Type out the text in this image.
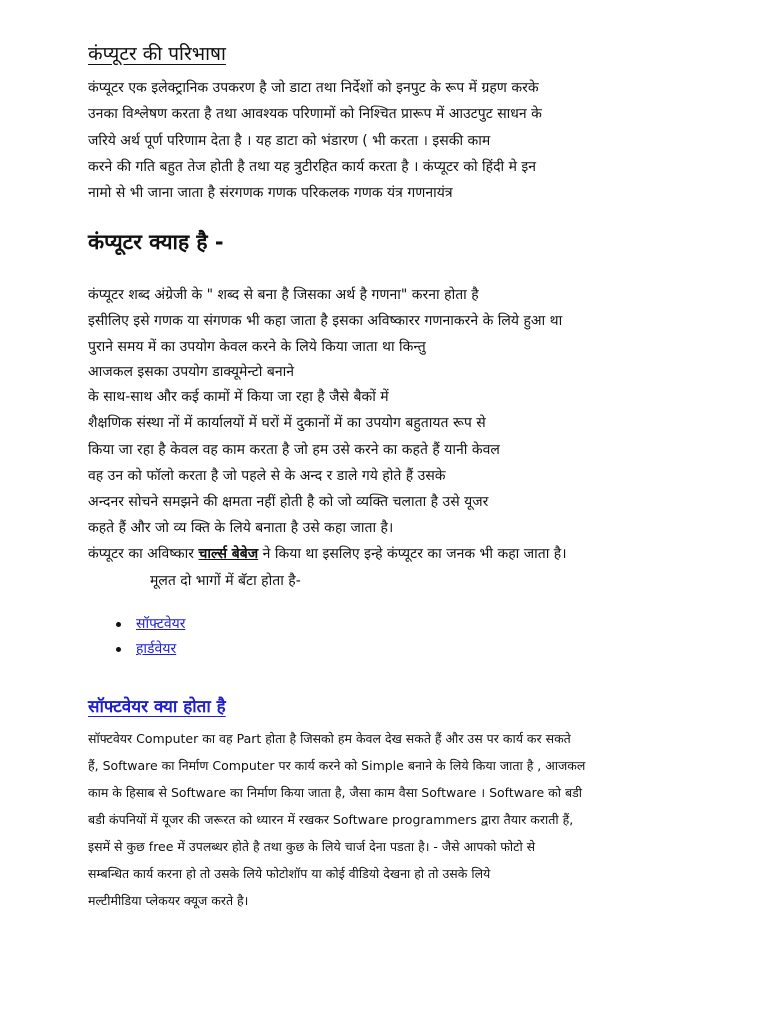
कंप्यूटर की परिभाषा
कंप्यूटर एक इलेक्ट्रानिक उपकरण है जो डाटा तथा निर्देशों को इनपुट के रूप में ग्रहण करके
उनका विश्लेषण करता है तथा आवश्यक परिणामों को निश्चित प्रारूप में आउटपुट साधन के
जरिये अर्थ पूर्ण परिणाम देता है । यह डाटा को भंडारण ( भी करता । इसकी काम
करने की गति बहुत तेज होती है तथा यह त्रुटीरहित कार्य करता है । कंप्यूटर को हिंदी मे इन
नामो से भी जाना जाता है संरगणक गणक परिकलक गणक यंत्र गणनायंत्र
कंप्यूटर क्याह है -
कंप्यूटर शब्द अंग्रेजी के " शब्द से बना है जिसका अर्थ है गणना" करना होता है
इसीलिए इसे गणक या संगणक भी कहा जाता है इसका अविष्कारर गणनाकरने के लिये हुआ था
पुराने समय में का उपयोग केवल करने के लिये किया जाता था किन्तु
आजकल इसका उपयोग डाक्यूमेन्टो बनाने
के साथ-साथ और कई कामों में किया जा रहा है जैसे बैकों में
शैक्षणिक संस्था नों में कार्यालयों में घरों में दुकानों में का उपयोग बहुतायत रूप से
किया जा रहा है केवल वह काम करता है जो हम उसे करने का कहते हैं यानी केवल
वह उन को फॉलो करता है जो पहले से के अन्द र डाले गये होते हैं उसके
अन्दनर सोचने समझने की क्षमता नहीं होती है को जो व्यक्ति चलाता है उसे यूजर
कहते हैं और जो व्य क्ति के लिये बनाता है उसे कहा जाता है।
कंप्यूटर का अविष्कार चार्ल्स बेबेज ने किया था इसलिए इन्हे कंप्यूटर का जनक भी कहा जाता है।
मूलत दो भागों में बॅटा होता है-
सॉफ्टवेयर
हार्डवेयर
सॉफ्टवेयर क्या होता है
सॉफ्टवेयर Computer का वह Part होता है जिसको हम केवल देख सकते हैं और उस पर कार्य कर सकते
हैं, Software का निर्माण Computer पर कार्य करने को Simple बनाने के लिये किया जाता है , आजकल
काम के हिसाब से Software का निर्माण किया जाता है, जैसा काम वैसा Software । Software को बडी
बडी कंपनियों में यूजर की जरूरत को ध्यारन में रखकर Software programmers द्वारा तैयार कराती हैं,
इसमें से कुछ free में उपलब्धर होते है तथा कुछ के लिये चार्ज देना पडता है। - जैसे आपको फोटो से
सम्बन्धित कार्य करना हो तो उसके लिये फोटोशॉप या कोई वीडियो देखना हो तो उसके लिये
मल्टीमीडिया प्लेकयर क्यूज करते है।
